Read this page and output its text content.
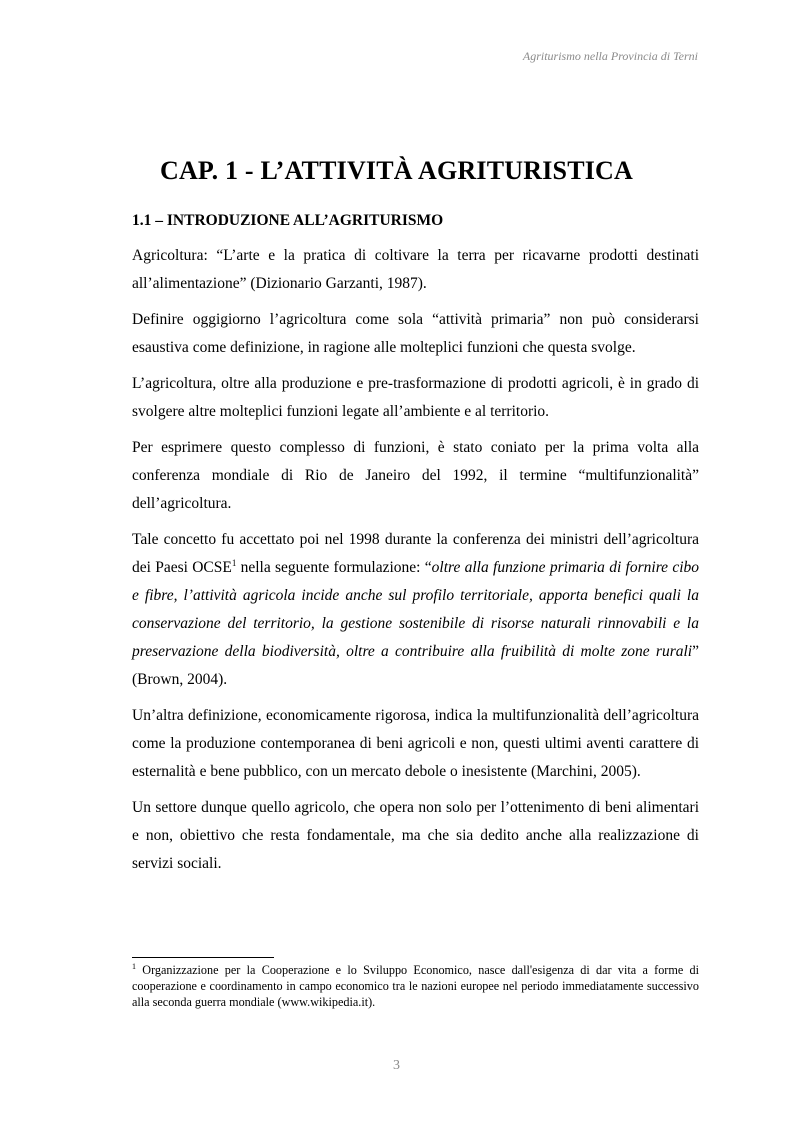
Agriturismo nella Provincia di Terni
CAP. 1 - L’ATTIVITÀ AGRITURISTICA
1.1 – INTRODUZIONE ALL’AGRITURISMO

Agricoltura: “L’arte e la pratica di coltivare la terra per ricavarne prodotti destinati all’alimentazione” (Dizionario Garzanti, 1987).

Definire oggigiorno l’agricoltura come sola “attività primaria” non può considerarsi esaustiva come definizione, in ragione alle molteplici funzioni che questa svolge.

L’agricoltura, oltre alla produzione e pre-trasformazione di prodotti agricoli, è in grado di svolgere altre molteplici funzioni legate all’ambiente e al territorio.

Per esprimere questo complesso di funzioni, è stato coniato per la prima volta alla conferenza mondiale di Rio de Janeiro del 1992, il termine “multifunzionalità” dell’agricoltura.

Tale concetto fu accettato poi nel 1998 durante la conferenza dei ministri dell’agricoltura dei Paesi OCSE$^1$ nella seguente formulazione: “oltre alla funzione primaria di fornire cibo e fibre, l’attività agricola incide anche sul profilo territoriale, apporta benefici quali la conservazione del territorio, la gestione sostenibile di risorse naturali rinnovabili e la preservazione della biodiversità, oltre a contribuire alla fruibilità di molte zone rurali” (Brown, 2004).

Un’altra definizione, economicamente rigorosa, indica la multifunzionalità dell’agricoltura come la produzione contemporanea di beni agricoli e non, questi ultimi aventi carattere di esternalità e bene pubblico, con un mercato debole o inesistente (Marchini, 2005).

Un settore dunque quello agricolo, che opera non solo per l’ottenimento di beni alimentari e non, obiettivo che resta fondamentale, ma che sia dedito anche alla realizzazione di servizi sociali.

$^1$ Organizzazione per la Cooperazione e lo Sviluppo Economico, nasce dall'esigenza di dar vita a forme di cooperazione e coordinamento in campo economico tra le nazioni europee nel periodo immediatamente successivo alla seconda guerra mondiale (www.wikipedia.it).

3
